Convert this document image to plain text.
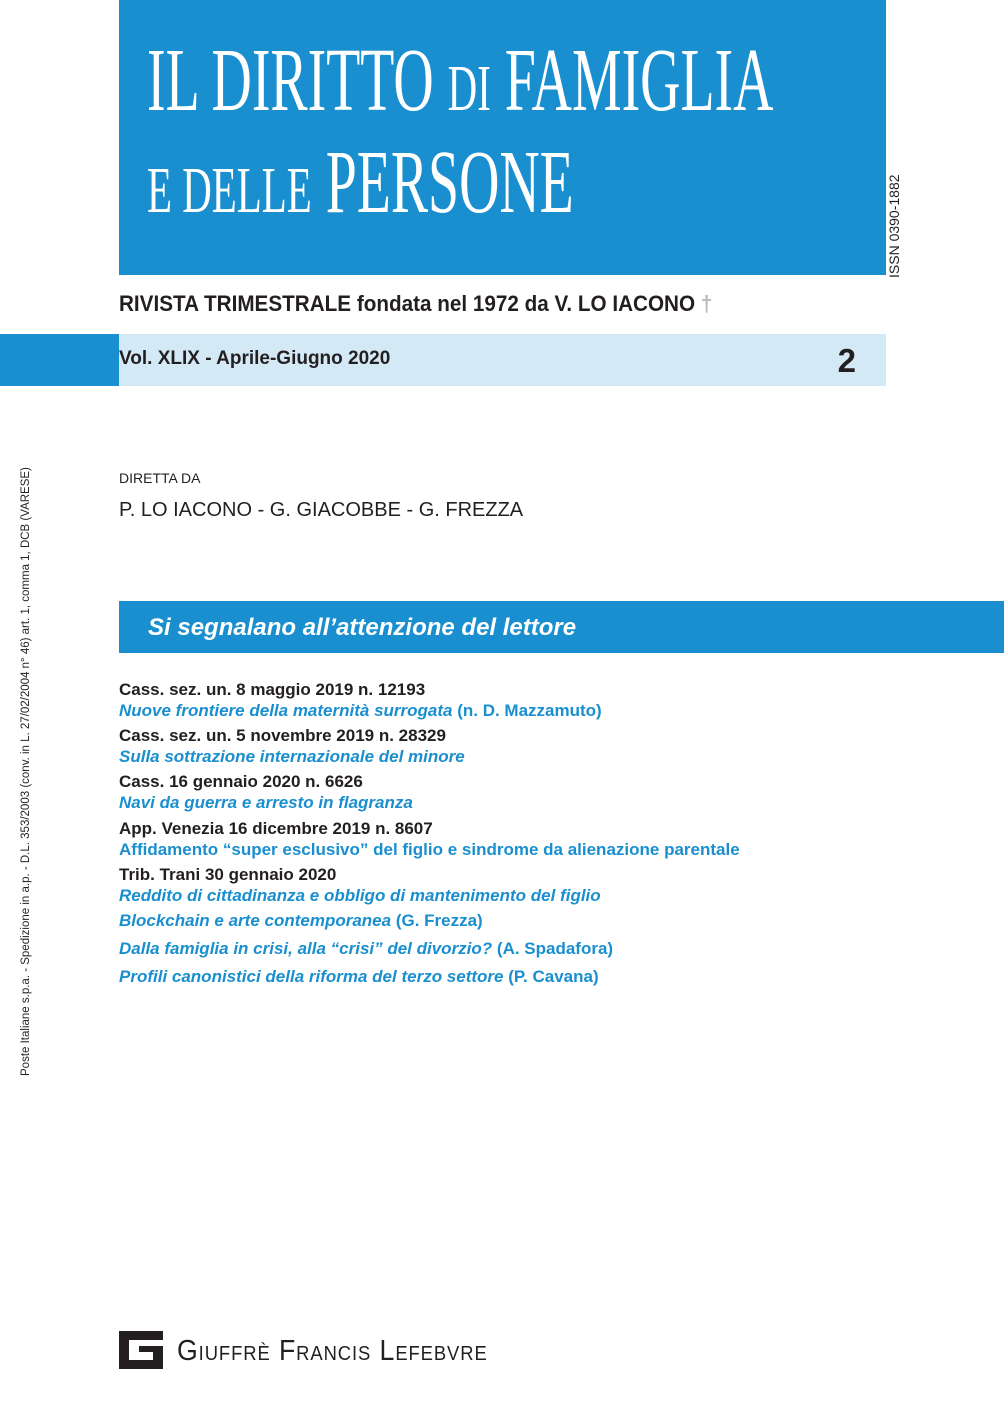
IL DIRITTO DI FAMIGLIA
E DELLE PERSONE	ISSN 0390-1882
RIVISTA TRIMESTRALE fondata nel 1972 da V. LO IACONO †
Vol. XLIX - Aprile-Giugno 2020	2
Poste Italiane s.p.a. - Spedizione in a.p. - D.L. 353/2003 (conv. in L. 27/02/2004 n° 46) art. 1, comma 1, DCB (VARESE)	DIRETTA DA
P. LO IACONO - G. GIACOBBE - G. FREZZA
Si segnalano all’attenzione del lettore
Cass. sez. un. 8 maggio 2019 n. 12193
Nuove frontiere della maternità surrogata (n. D. Mazzamuto)
Cass. sez. un. 5 novembre 2019 n. 28329
Sulla sottrazione internazionale del minore
Cass. 16 gennaio 2020 n. 6626
Navi da guerra e arresto in flagranza
App. Venezia 16 dicembre 2019 n. 8607
Affidamento “super esclusivo” del figlio e sindrome da alienazione parentale
Trib. Trani 30 gennaio 2020
Reddito di cittadinanza e obbligo di mantenimento del figlio
Blockchain e arte contemporanea (G. Frezza)
Dalla famiglia in crisi, alla “crisi” del divorzio? (A. Spadafora)
Profili canonistici della riforma del terzo settore (P. Cavana)
Giuffrè Francis Lefebvre
